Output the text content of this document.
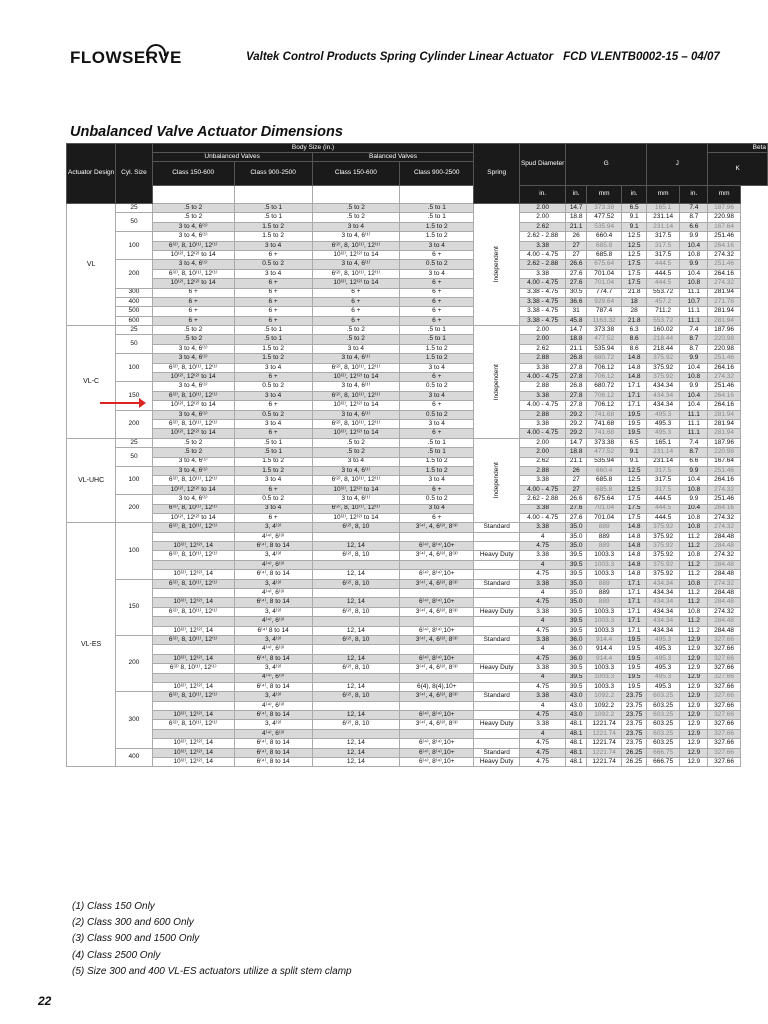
FLOWSERVE	Valtek Control Products Spring Cylinder Linear Actuator FCD VLENTB0002-15 – 04/07
Unbalanced Valve Actuator Dimensions
Actuator Design	Cyl. Size	Body Size (in.)				Spring	Spud Diameter	G			J		Beta
		Unbalanced Valves		Balanced Valves									K
		Class 150-600	Class 900-2500	Class 150-600	Class 900-2500								
							in.	in.	mm	in.	mm	in.	mm
VL	25	.5 to 2	.5 to 1	.5 to 2	.5 to 1	Independent	2.00	14.7	373.38	6.5	165.1	7.4	187.96
	50	.5 to 2	.5 to 1	.5 to 2	.5 to 1		2.00	18.8	477.52	9.1	231.14	8.7	220.98
		3 to 4, 6⁽¹⁾	1.5 to 2	3 to 4	1.5 to 2		2.62	21.1	535.94	9.1	231.14	6.6	167.64
	100	3 to 4, 6⁽¹⁾	1.5 to 2	3 to 4, 6⁽¹⁾	1.5 to 2		2.62 - 2.88	26	660.4	12.5	317.5	9.9	251.46
		6⁽²⁾, 8, 10⁽¹⁾, 12⁽¹⁾	3 to 4	6⁽²⁾, 8, 10⁽¹⁾, 12⁽¹⁾	3 to 4		3.38	27	685.8	12.5	317.5	10.4	264.16
		10⁽²⁾, 12⁽²⁾ to 14	6 +	10⁽²⁾, 12⁽²⁾ to 14	6 +		4.00 - 4.75	27	685.8	12.5	317.5	10.8	274.32
	200	3 to 4, 6⁽¹⁾	0.5 to 2	3 to 4, 6⁽¹⁾	0.5 to 2		2.62 - 2.88	26.6	675.64	17.5	444.5	9.9	251.46
		6⁽²⁾, 8, 10⁽¹⁾, 12⁽¹⁾	3 to 4	6⁽²⁾, 8, 10⁽¹⁾, 12⁽¹⁾	3 to 4		3.38	27.6	701.04	17.5	444.5	10.4	264.16
		10⁽²⁾, 12⁽²⁾ to 14	6 +	10⁽²⁾, 12⁽²⁾ to 14	6 +		4.00 - 4.75	27.6	701.04	17.5	444.5	10.8	274.32
	300	6 +	6 +	6 +	6 +		3.38 - 4.75	30.5	774.7	21.8	553.72	11.1	281.94
	400	6 +	6 +	6 +	6 +		3.38 - 4.75	36.6	929.64	18	457.2	10.7	271.78
	500	6 +	6 +	6 +	6 +		3.38 - 4.75	31	787.4	28	711.2	11.1	281.94
	600	6 +	6 +	6 +	6 +		3.38 - 4.75	45.8	1163.32	21.8	553.72	11.1	281.94
VL-C	25	.5 to 2	.5 to 1	.5 to 2	.5 to 1	Independent	2.00	14.7	373.38	6.3	160.02	7.4	187.96
	50	.5 to 2	.5 to 1	.5 to 2	.5 to 1		2.00	18.8	477.52	8.6	218.44	8.7	220.98
		3 to 4, 6⁽¹⁾	1.5 to 2	3 to 4	1.5 to 2		2.62	21.1	535.94	8.6	218.44	8.7	220.98
	100	3 to 4, 6⁽¹⁾	1.5 to 2	3 to 4, 6⁽¹⁾	1.5 to 2		2.88	26.8	680.72	14.8	375.92	9.9	251.46
		6⁽²⁾, 8, 10⁽¹⁾, 12⁽¹⁾	3 to 4	6⁽²⁾, 8, 10⁽¹⁾, 12⁽¹⁾	3 to 4		3.38	27.8	706.12	14.8	375.92	10.4	264.16
		10⁽²⁾, 12⁽²⁾ to 14	6 +	10⁽²⁾, 12⁽²⁾ to 14	6 +		4.00 - 4.75	27.8	706.12	14.8	375.92	10.8	274.32
	150	3 to 4, 6⁽¹⁾	0.5 to 2	3 to 4, 6⁽¹⁾	0.5 to 2		2.88	26.8	680.72	17.1	434.34	9.9	251.46
		6⁽²⁾, 8, 10⁽¹⁾, 12⁽¹⁾	3 to 4	6⁽²⁾, 8, 10⁽¹⁾, 12⁽¹⁾	3 to 4		3.38	27.8	706.12	17.1	434.34	10.4	264.16
		10⁽²⁾, 12⁽²⁾ to 14	6 +	10⁽²⁾, 12⁽²⁾ to 14	6 +		4.00 - 4.75	27.8	706.12	17.1	434.34	10.4	264.16
	200	3 to 4, 6⁽¹⁾	0.5 to 2	3 to 4, 6⁽¹⁾	0.5 to 2		2.88	29.2	741.68	19.5	495.3	11.1	281.94
		6⁽²⁾, 8, 10⁽¹⁾, 12⁽¹⁾	3 to 4	6⁽²⁾, 8, 10⁽¹⁾, 12⁽¹⁾	3 to 4		3.38	29.2	741.68	19.5	495.3	11.1	281.94
		10⁽²⁾, 12⁽²⁾ to 14	6 +	10⁽²⁾, 12⁽²⁾ to 14	6 +		4.00 - 4.75	29.2	741.68	19.5	495.3	11.1	281.94
VL-UHC	25	.5 to 2	.5 to 1	.5 to 2	.5 to 1	Independent	2.00	14.7	373.38	6.5	165.1	7.4	187.96
	50	.5 to 2	.5 to 1	.5 to 2	.5 to 1		2.00	18.8	477.52	9.1	231.14	8.7	220.98
		3 to 4, 6⁽¹⁾	1.5 to 2	3 to 4	1.5 to 2		2.62	21.1	535.94	9.1	231.14	6.6	167.64
	100	3 to 4, 6⁽¹⁾	1.5 to 2	3 to 4, 6⁽¹⁾	1.5 to 2		2.88	26	660.4	12.5	317.5	9.9	251.46
		6⁽²⁾, 8, 10⁽¹⁾, 12⁽¹⁾	3 to 4	6⁽²⁾, 8, 10⁽¹⁾, 12⁽¹⁾	3 to 4		3.38	27	685.8	12.5	317.5	10.4	264.16
		10⁽²⁾, 12⁽²⁾ to 14	6 +	10⁽²⁾, 12⁽²⁾ to 14	6 +		4.00 - 4.75	27	685.8	12.5	317.5	10.8	274.32
	200	3 to 4, 6⁽¹⁾	0.5 to 2	3 to 4, 6⁽¹⁾	0.5 to 2		2.62 - 2.88	26.6	675.64	17.5	444.5	9.9	251.46
		6⁽²⁾, 8, 10⁽¹⁾, 12⁽¹⁾	3 to 4	6⁽²⁾, 8, 10⁽¹⁾, 12⁽¹⁾	3 to 4		3.38	27.6	701.04	17.5	444.5	10.4	264.16
		10⁽²⁾, 12⁽²⁾ to 14	6 +	10⁽²⁾, 12⁽²⁾ to 14	6 +		4.00 - 4.75	27.6	701.04	17.5	444.5	10.8	274.32
VL-ES	100	6⁽²⁾, 8, 10⁽¹⁾, 12⁽¹⁾	3, 4⁽³⁾	6⁽²⁾, 8, 10	3⁽⁴⁾, 4, 6⁽³⁾, 8⁽³⁾	Standard	3.38	35.0	889	14.8	375.92	10.8	274.32
			4⁽⁴⁾, 6⁽³⁾				4	35.0	889	14.8	375.92	11.2	284.48
		10⁽²⁾, 12⁽²⁾, 14	6⁽⁴⁾, 8 to 14	12, 14	6⁽⁴⁾, 8⁽⁴⁾,10+		4.75	35.0	889	14.8	375.92	11.2	284.48
		6⁽²⁾, 8, 10⁽¹⁾, 12⁽¹⁾	3, 4⁽³⁾	6⁽²⁾, 8, 10	3⁽⁴⁾, 4, 6⁽³⁾, 8⁽³⁾	Heavy Duty	3.38	39.5	1003.3	14.8	375.92	10.8	274.32
			4⁽⁴⁾, 6⁽³⁾				4	39.5	1003.3	14.8	375.92	11.2	284.48
		10⁽²⁾, 12⁽²⁾, 14	6⁽⁴⁾, 8 to 14	12, 14	6⁽⁴⁾, 8⁽⁴⁾,10+		4.75	39.5	1003.3	14.8	375.92	11.2	284.48
	150	6⁽²⁾, 8, 10⁽¹⁾, 12⁽¹⁾	3, 4⁽³⁾	6⁽²⁾, 8, 10	3⁽⁴⁾, 4, 6⁽³⁾, 8⁽³⁾	Standard	3.38	35.0	889	17.1	434.34	10.8	274.32
			4⁽⁴⁾, 6⁽³⁾				4	35.0	889	17.1	434.34	11.2	284.48
		10⁽²⁾, 12⁽²⁾, 14	6⁽⁴⁾, 8 to 14	12, 14	6⁽⁴⁾, 8⁽⁴⁾,10+		4.75	35.0	889	17.1	434.34	11.2	284.48
		6⁽²⁾, 8, 10⁽¹⁾, 12⁽¹⁾	3, 4⁽³⁾	6⁽²⁾, 8, 10	3⁽⁴⁾, 4, 6⁽³⁾, 8⁽³⁾	Heavy Duty	3.38	39.5	1003.3	17.1	434.34	10.8	274.32
			4⁽⁴⁾, 6⁽³⁾				4	39.5	1003.3	17.1	434.34	11.2	284.48
		10⁽²⁾, 12⁽²⁾, 14	6⁽⁴⁾ 8 to 14	12, 14	6⁽⁴⁾, 8⁽⁴⁾,10+		4.75	39.5	1003.3	17.1	434.34	11.2	284.48
	200	6⁽²⁾, 8, 10⁽¹⁾, 12⁽¹⁾	3, 4⁽³⁾	6⁽²⁾, 8, 10	3⁽⁴⁾, 4, 6⁽³⁾, 8⁽³⁾	Standard	3.38	36.0	914.4	19.5	495.3	12.9	327.66
			4⁽⁴⁾, 6⁽³⁾				4	36.0	914.4	19.5	495.3	12.9	327.66
		10⁽²⁾, 12⁽²⁾, 14	6⁽⁴⁾, 8 to 14	12, 14	6⁽⁴⁾, 8⁽⁴⁾,10+		4.75	36.0	914.4	19.5	495.3	12.9	327.66
		6⁽²⁾ 8, 10⁽¹⁾, 12⁽¹⁾	3, 4⁽³⁾	6⁽²⁾, 8, 10	3⁽⁴⁾, 4, 6⁽³⁾, 8⁽³⁾	Heavy Duty	3.38	39.5	1003.3	19.5	495.3	12.9	327.66
			4⁽⁴⁾, 6⁽³⁾				4	39.5	1003.3	19.5	495.3	12.9	327.66
		10⁽²⁾, 12⁽²⁾, 14	6⁽⁴⁾, 8 to 14	12, 14	6(4), 8(4),10+		4.75	39.5	1003.3	19.5	495.3	12.9	327.66
	300	6⁽²⁾, 8, 10⁽¹⁾, 12⁽¹⁾	3, 4⁽³⁾	6⁽²⁾, 8, 10	3⁽⁴⁾, 4, 6⁽³⁾, 8⁽³⁾	Standard	3.38	43.0	1092.2	23.75	603.25	12.9	327.66
			4⁽⁴⁾, 6⁽³⁾				4	43.0	1092.2	23.75	603.25	12.9	327.66
		10⁽²⁾, 12⁽²⁾, 14	6⁽⁴⁾, 8 to 14	12, 14	6⁽⁴⁾, 8⁽⁴⁾,10+		4.75	43.0	1092.2	23.75	603.25	12.9	327.66
		6⁽²⁾, 8, 10⁽¹⁾, 12⁽¹⁾	3, 4⁽³⁾	6⁽²⁾, 8, 10	3⁽⁴⁾, 4, 6⁽³⁾, 8⁽³⁾	Heavy Duty	3.38	48.1	1221.74	23.75	603.25	12.9	327.66
			4⁽⁴⁾, 6⁽³⁾				4	48.1	1221.74	23.75	603.25	12.9	327.66
		10⁽²⁾, 12⁽²⁾, 14	6⁽⁴⁾, 8 to 14	12, 14	6⁽⁴⁾, 8⁽⁴⁾,10+		4.75	48.1	1221.74	23.75	603.25	12.9	327.66
	400	10⁽²⁾, 12⁽²⁾, 14	6⁽⁴⁾, 8 to 14	12, 14	6⁽⁴⁾, 8⁽⁴⁾,10+	Standard	4.75	48.1	1221.74	26.25	666.75	12.9	327.66
		10⁽²⁾, 12⁽²⁾, 14	6⁽⁴⁾, 8 to 14	12, 14	6⁽⁴⁾, 8⁽⁴⁾,10+	Heavy Duty	4.75	48.1	1221.74	26.25	666.75	12.9	327.66
(1) Class 150 Only
(2) Class 300 and 600 Only
(3) Class 900 and 1500 Only
(4) Class 2500 Only
(5) Size 300 and 400 VL-ES actuators utilize a split stem clamp
22
